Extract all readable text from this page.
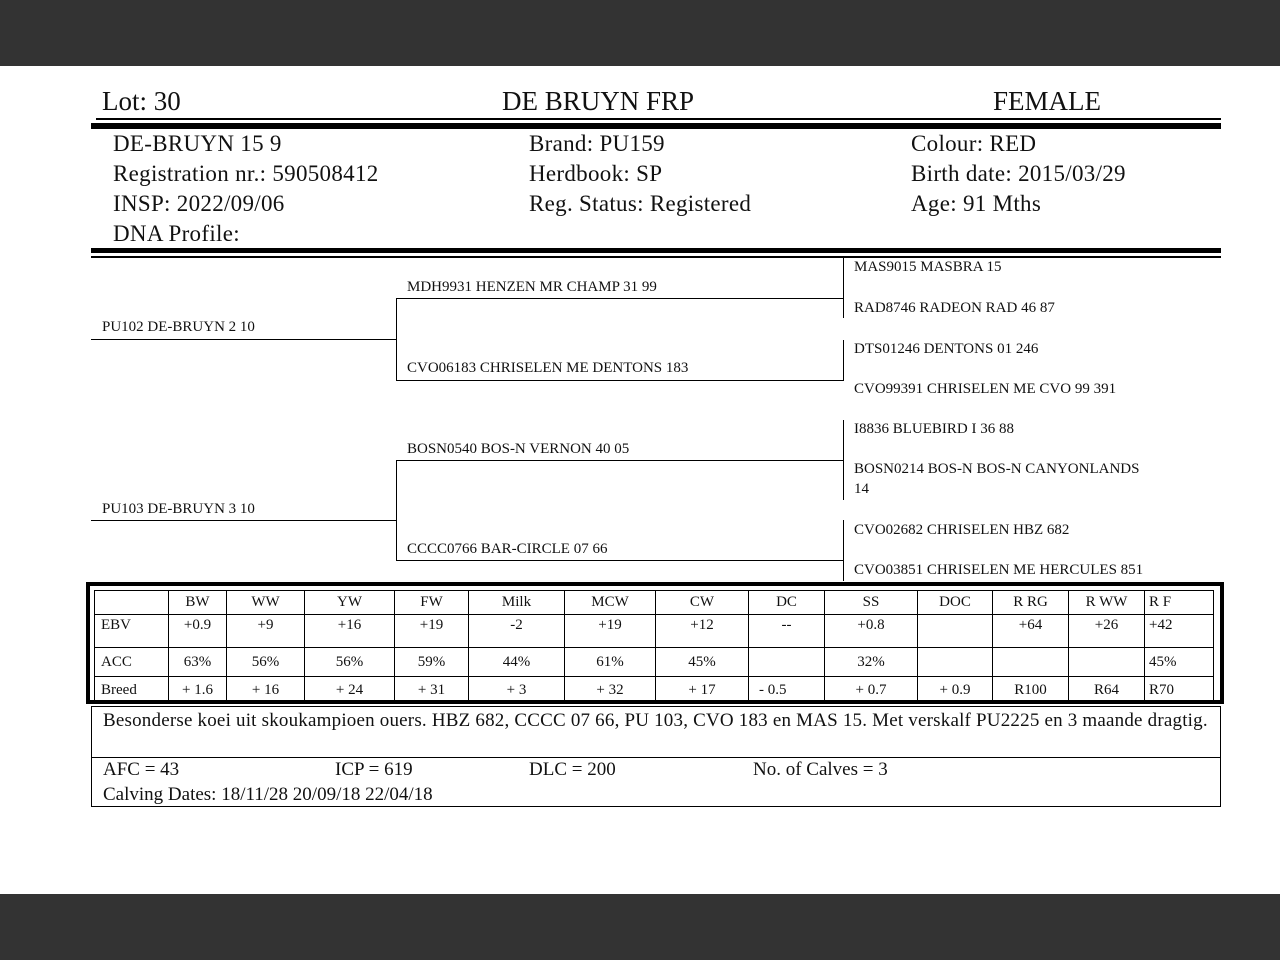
Lot: 30	DE BRUYN FRP	FEMALE
DE-BRUYN 15 9
Registration nr.: 590508412
INSP: 2022/09/06
DNA Profile:
Brand: PU159
Herdbook: SP
Reg. Status: Registered
Colour: RED
Birth date: 2015/03/29
Age: 91 Mths
PU102 DE-BRUYN 2 10
PU103 DE-BRUYN 3 10
MDH9931 HENZEN MR CHAMP 31 99
CVO06183 CHRISELEN ME DENTONS 183
BOSN0540 BOS-N VERNON 40 05
CCCC0766 BAR-CIRCLE 07 66
MAS9015 MASBRA 15
RAD8746 RADEON RAD 46 87
DTS01246 DENTONS 01 246
CVO99391 CHRISELEN ME CVO 99 391
I8836 BLUEBIRD I 36 88
BOSN0214 BOS-N BOS-N CANYONLANDS
14
CVO02682 CHRISELEN HBZ 682
CVO03851 CHRISELEN ME HERCULES 851
	BW	WW	YW	FW	Milk	MCW	CW	DC	SS	DOC	R RG	R WW	R F
EBV	+0.9	+9	+16	+19	-2	+19	+12	--	+0.8		+64	+26	+42
ACC	63%	56%	56%	59%	44%	61%	45%		32%				45%
Breed	+ 1.6	+ 16	+ 24	+ 31	+ 3	+ 32	+ 17	- 0.5	+ 0.7	+ 0.9	R100	R64	R70
Besonderse koei uit skoukampioen ouers. HBZ 682, CCCC 07 66, PU 103, CVO 183 en MAS 15. Met verskalf PU2225 en 3 maande dragtig.
AFC = 43	ICP = 619	DLC = 200	No. of Calves = 3
Calving Dates: 18/11/28 20/09/18 22/04/18
